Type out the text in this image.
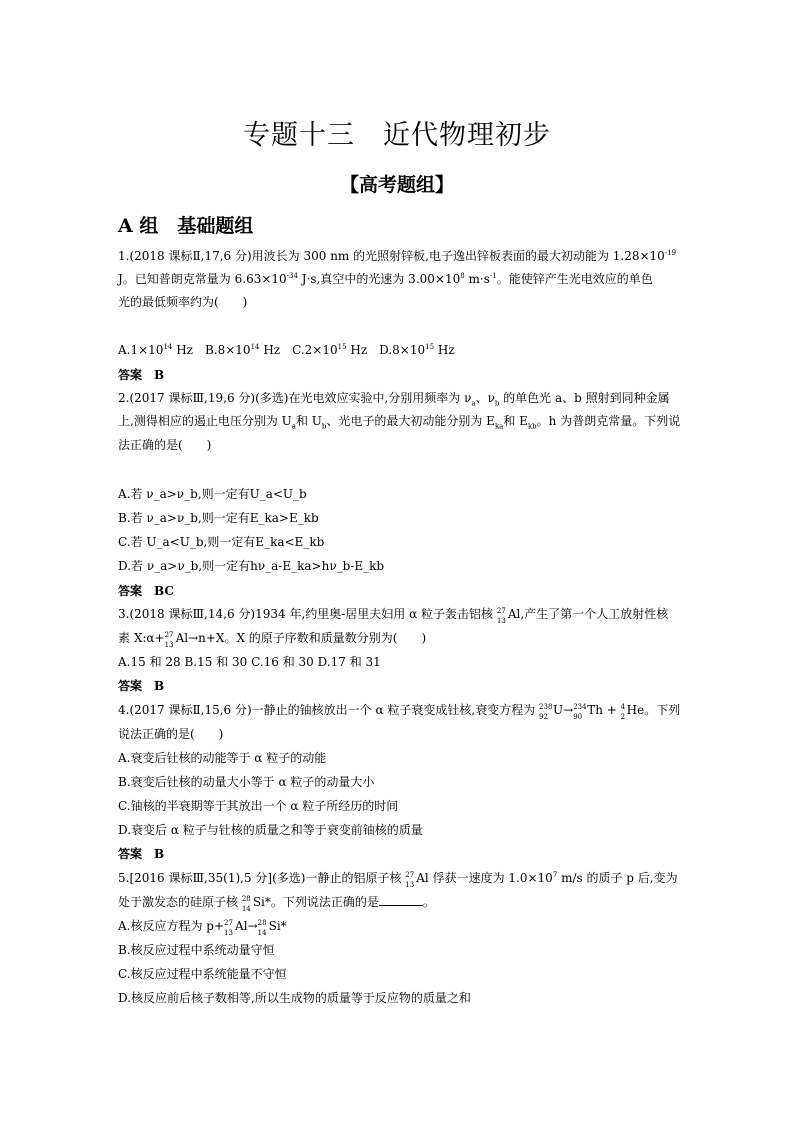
专题十三　近代物理初步
【高考题组】
A 组　基础题组
1.(2018 课标Ⅱ,17,6 分)用波长为 300 nm 的光照射锌板,电子逸出锌板表面的最大初动能为 $1.28\times 10^{-19}$
J。已知普朗克常量为 $6.63\times 10^{-34}$ J·s,真空中的光速为 $3.00\times 10^8$ $m\cdot s^{-1}$。能使锌产生光电效应的单色
光的最低频率约为(　　)
$A.1\times 10^{14}$ Hz　$B.8\times 10^{14}$ Hz　$C.2\times 10^{15}$ Hz　$D.8\times 10^{15}$ Hz
答案　B
2.(2017 课标Ⅲ,19,6 分)(多选)在光电效应实验中,分别用频率为 $\nu_a$、$\nu_b$ 的单色光 a、b 照射到同种金属
上,测得相应的遏止电压分别为 $U_a$和 $U_b$、光电子的最大初动能分别为 $E_{ka}$和 $E_{kb}$。h 为普朗克常量。下列说
法正确的是(　　)
A.若 ν_a>ν_b,则一定有U_a<U_b
B.若 ν_a>ν_b,则一定有E_ka>E_kb
C.若 U_a<U_b,则一定有E_ka<E_kb
D.若 ν_a>ν_b,则一定有hν_a-E_ka>hν_b-E_kb
答案　BC
3.(2018 课标Ⅲ,14,6 分)1934 年,约里奥-居里夫妇用 α 粒子轰击铝核 27
13 Al,产生了第一个人工放射性核
素 X:α+ 27
13 Al→n+X。X 的原子序数和质量数分别为(　　)
A.15 和 28 B.15 和 30 C.16 和 30 D.17 和 31
答案　B
4.(2017 课标Ⅱ,15,6 分)一静止的铀核放出一个 α 粒子衰变成钍核,衰变方程为 238
92 U→ 234
90 Th + 4
2 He。下列
说法正确的是(　　)
A.衰变后钍核的动能等于 α 粒子的动能
B.衰变后钍核的动量大小等于 α 粒子的动量大小
C.铀核的半衰期等于其放出一个 α 粒子所经历的时间
D.衰变后 α 粒子与钍核的质量之和等于衰变前铀核的质量
答案　B
5.[2016 课标Ⅲ,35(1),5 分](多选)一静止的铝原子核 27
13 Al 俘获一速度为 $1.0\times 10^7$ m/s 的质子 p 后,变为
处于激发态的硅原子核 28
14 Si*。下列说法正确的是	。
A.核反应方程为 p+ 27
13 Al→ 28
14 Si*
B.核反应过程中系统动量守恒
C.核反应过程中系统能量不守恒
D.核反应前后核子数相等,所以生成物的质量等于反应物的质量之和
